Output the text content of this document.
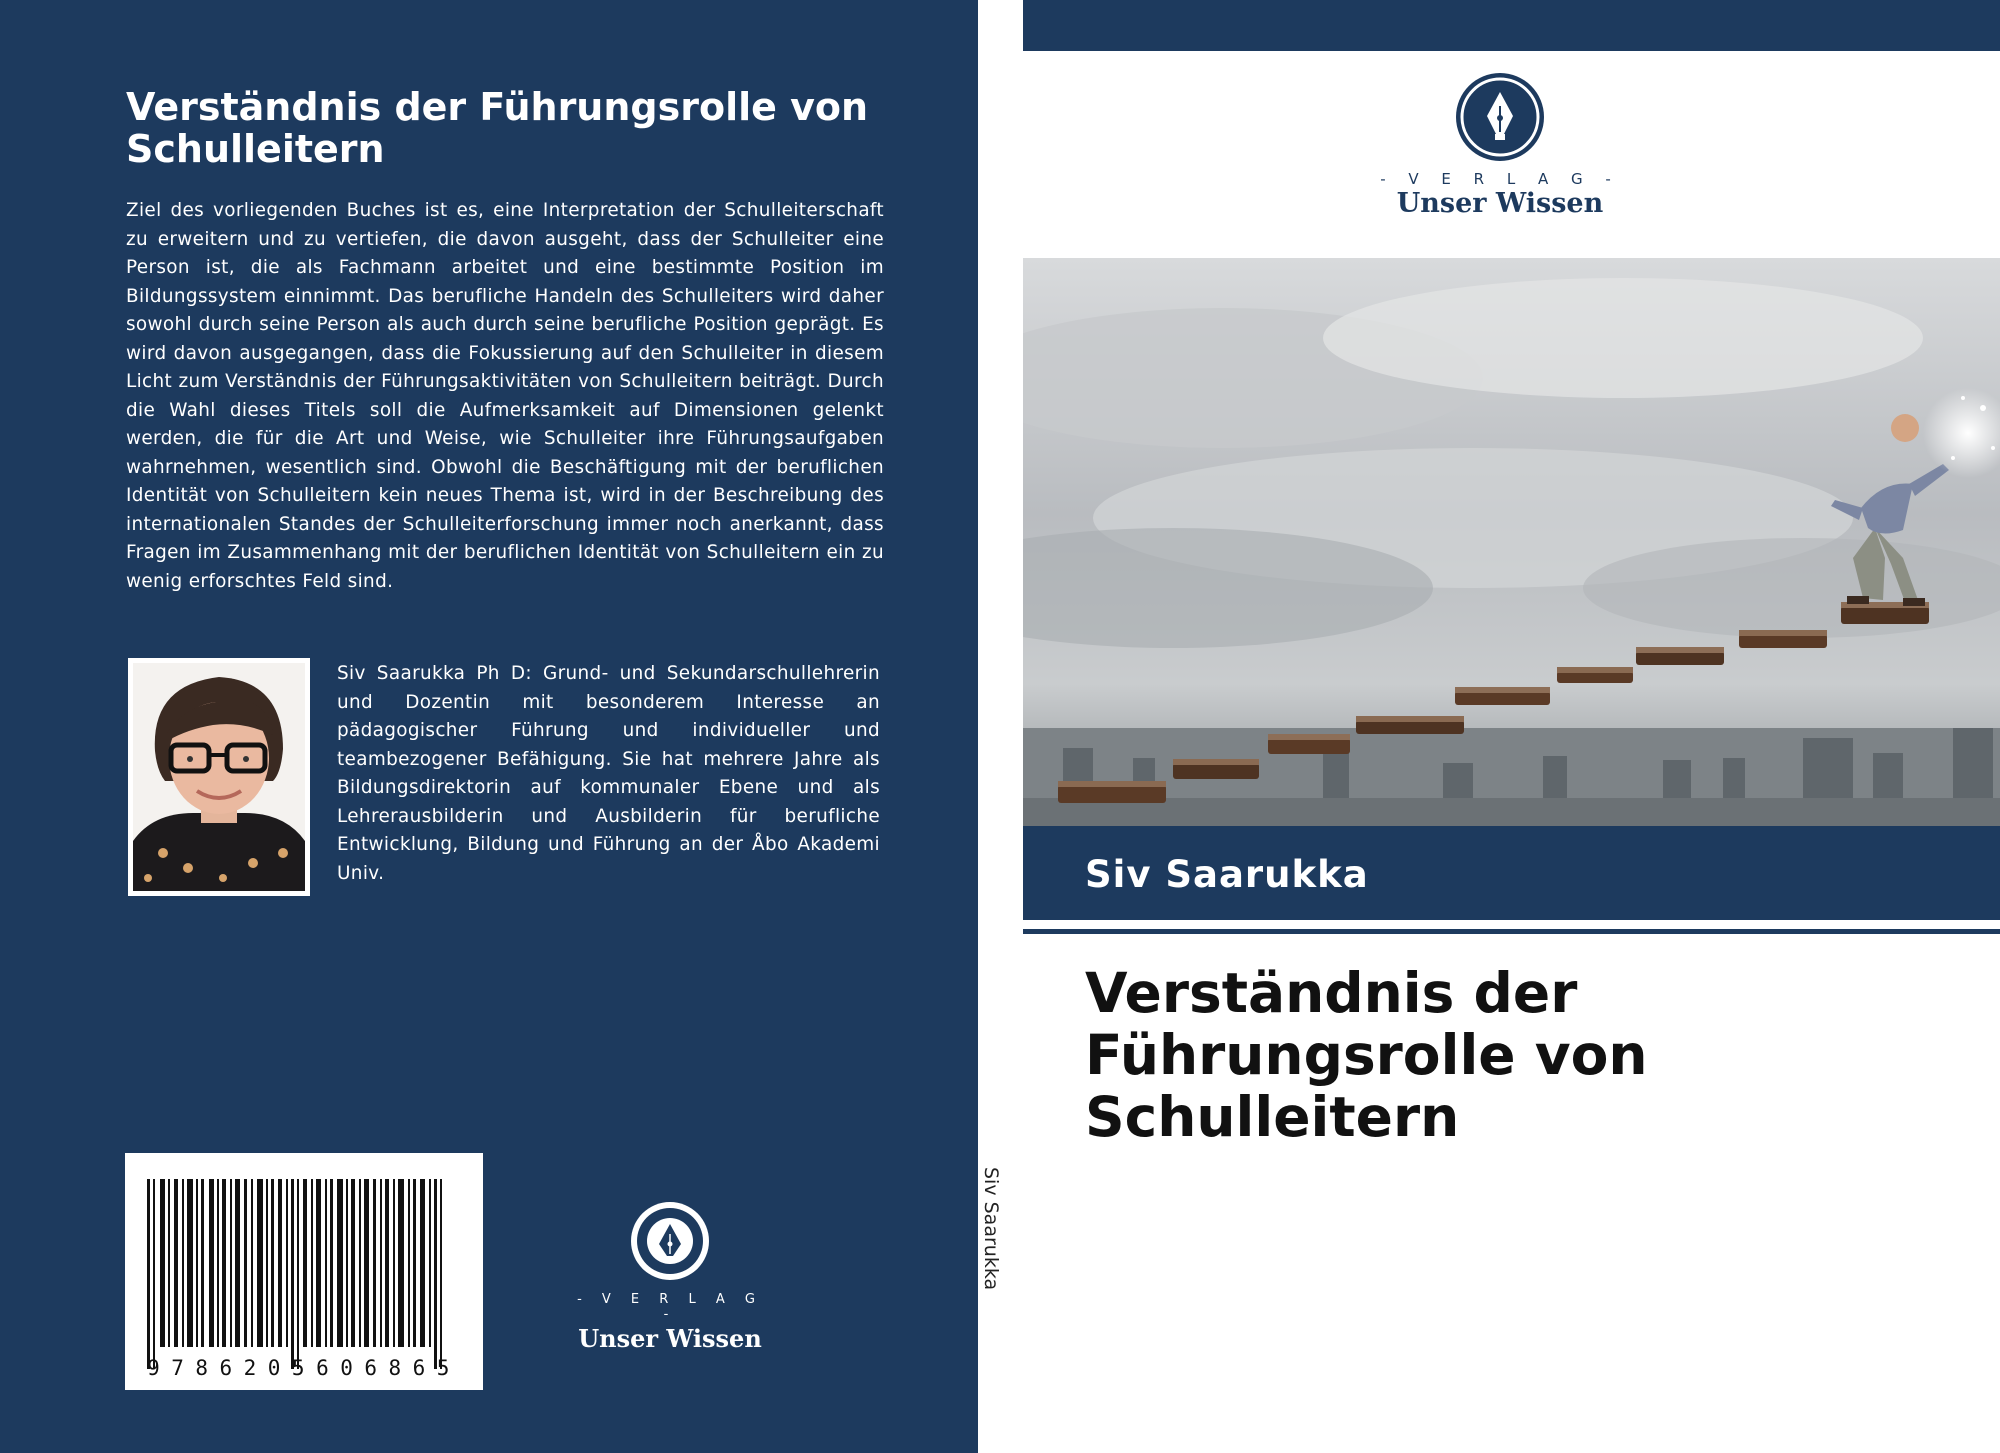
Verständnis der Führungsrolle von Schulleitern

Ziel des vorliegenden Buches ist es, eine Interpretation der Schulleiterschaft zu erweitern und zu vertiefen, die davon ausgeht, dass der Schulleiter eine Person ist, die als Fachmann arbeitet und eine bestimmte Position im Bildungssystem einnimmt. Das berufliche Handeln des Schulleiters wird daher sowohl durch seine Person als auch durch seine berufliche Position geprägt. Es wird davon ausgegangen, dass die Fokussierung auf den Schulleiter in diesem Licht zum Verständnis der Führungsaktivitäten von Schulleitern beiträgt. Durch die Wahl dieses Titels soll die Aufmerksamkeit auf Dimensionen gelenkt werden, die für die Art und Weise, wie Schulleiter ihre Führungsaufgaben wahrnehmen, wesentlich sind. Obwohl die Beschäftigung mit der beruflichen Identität von Schulleitern kein neues Thema ist, wird in der Beschreibung des internationalen Standes der Schulleiterforschung immer noch anerkannt, dass Fragen im Zusammenhang mit der beruflichen Identität von Schulleitern ein zu wenig erforschtes Feld sind.

Siv Saarukka Ph D: Grund- und Sekundarschullehrerin und Dozentin mit besonderem Interesse an pädagogischer Führung und individueller und teambezogener Befähigung. Sie hat mehrere Jahre als Bildungsdirektorin auf kommunaler Ebene und als Lehrerausbilderin und Ausbilderin für berufliche Entwicklung, Bildung und Führung an der Åbo Akademi Univ.

9786205606865
- V E R L A G -
Unser Wissen
Siv Saarukka
- V E R L A G -
Unser Wissen
Siv Saarukka
Verständnis der Führungsrolle von Schulleitern
